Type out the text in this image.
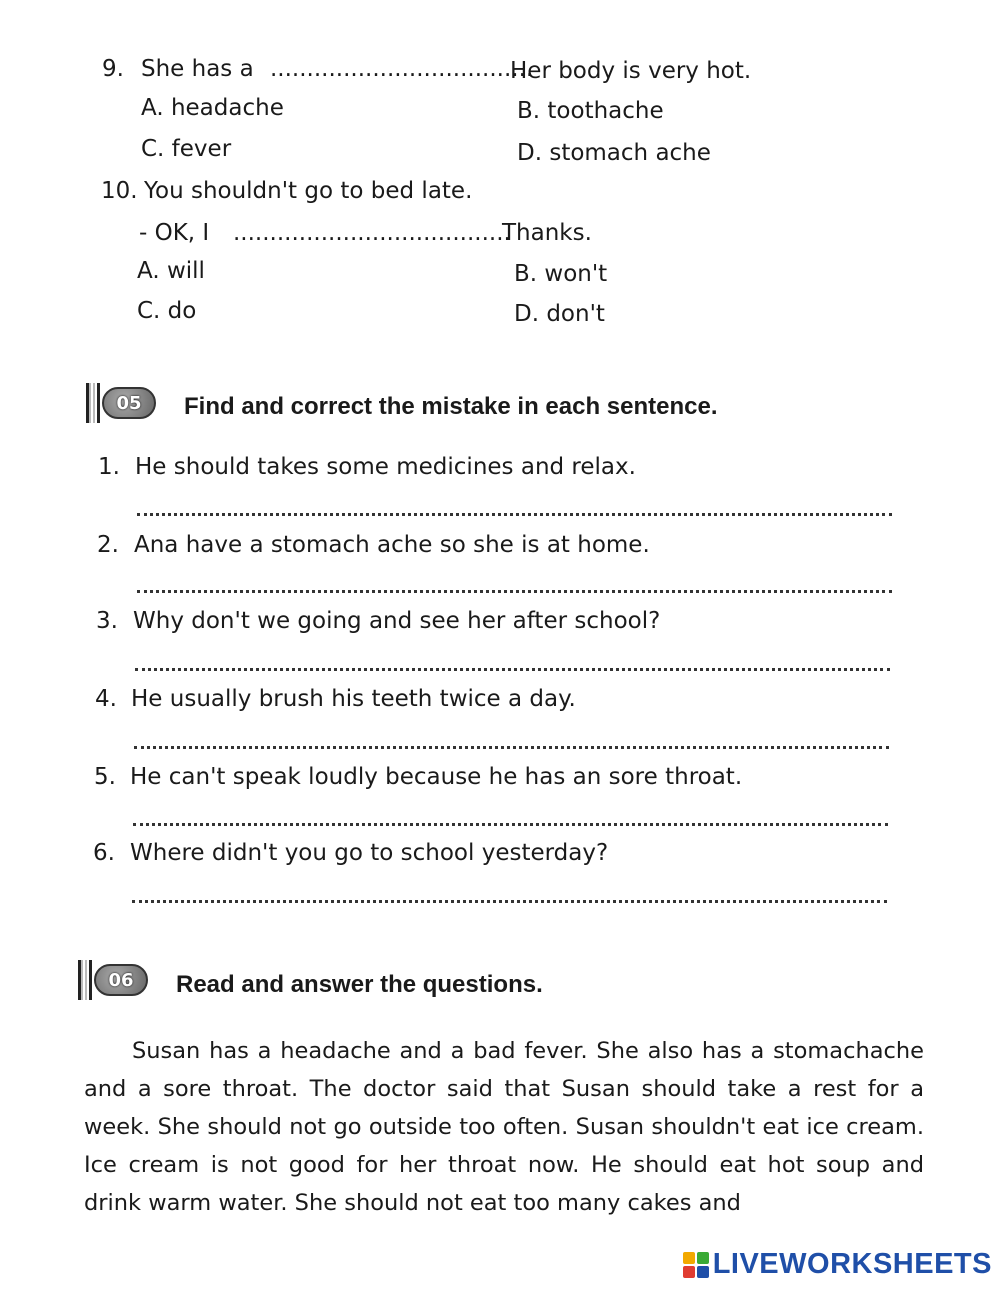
9. She has a ....................................
Her body is very hot.
A. headache	B. toothache
C. fever	D. stomach ache
10. You shouldn't go to bed late.
- OK, I ......................................
Thanks.
A. will	B. won't
C. do	D. don't
05	Find and correct the mistake in each sentence.
1. He should takes some medicines and relax.
2. Ana have a stomach ache so she is at home.
3. Why don't we going and see her after school?
4. He usually brush his teeth twice a day.
5. He can't speak loudly because he has an sore throat.
6. Where didn't you go to school yesterday?
06	Read and answer the questions.

Susan has a headache and a bad fever. She also has a stomachache and a sore throat. The doctor said that Susan should take a rest for a week. She should not go outside too often. Susan shouldn't eat ice cream. Ice cream is not good for her throat now. He should eat hot soup and drink warm water. She should not eat too many cakes and

LIVEWORKSHEETS
